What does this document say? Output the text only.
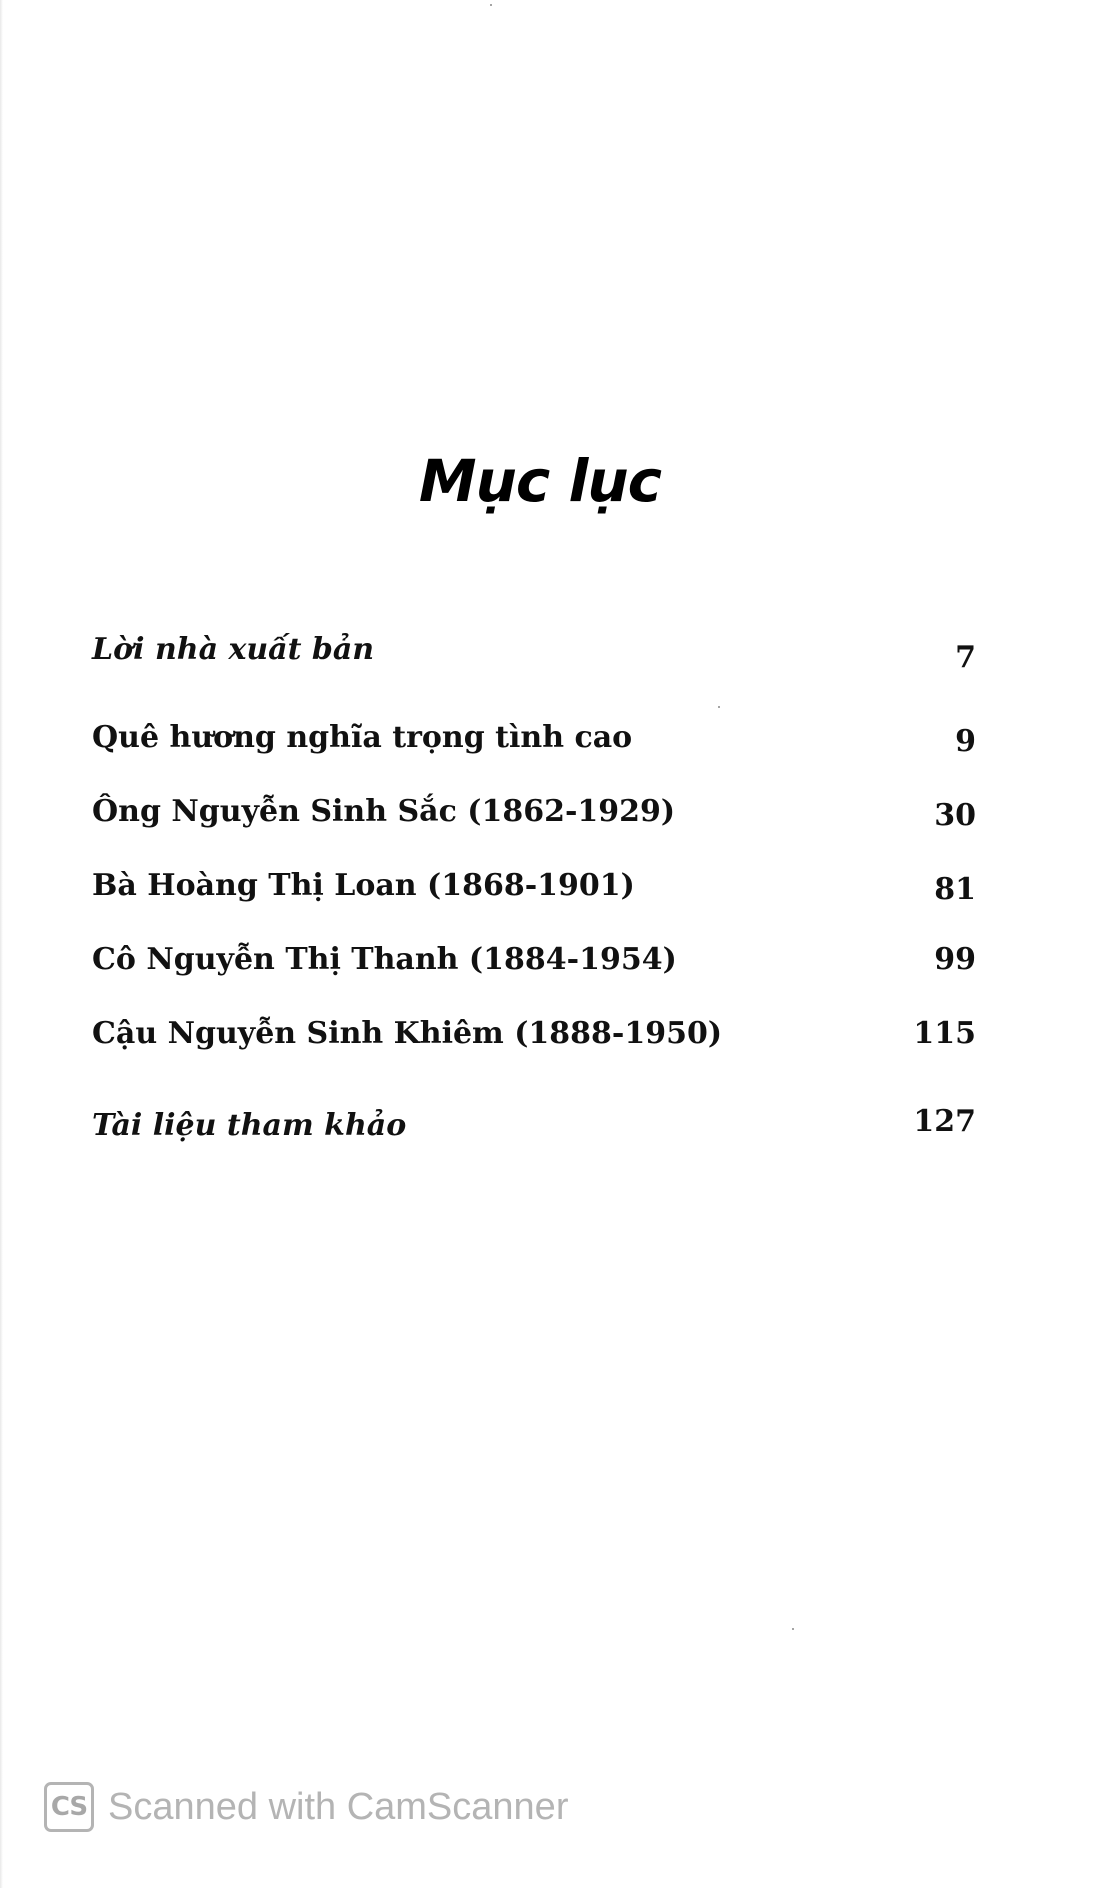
Mục lục
Lời nhà xuất bản	7
Quê hương nghĩa trọng tình cao	9
Ông Nguyễn Sinh Sắc (1862-1929)	30
Bà Hoàng Thị Loan (1868-1901)	81
Cô Nguyễn Thị Thanh (1884-1954)	99
Cậu Nguyễn Sinh Khiêm (1888-1950)	115
Tài liệu tham khảo	127
CS Scanned with CamScanner
